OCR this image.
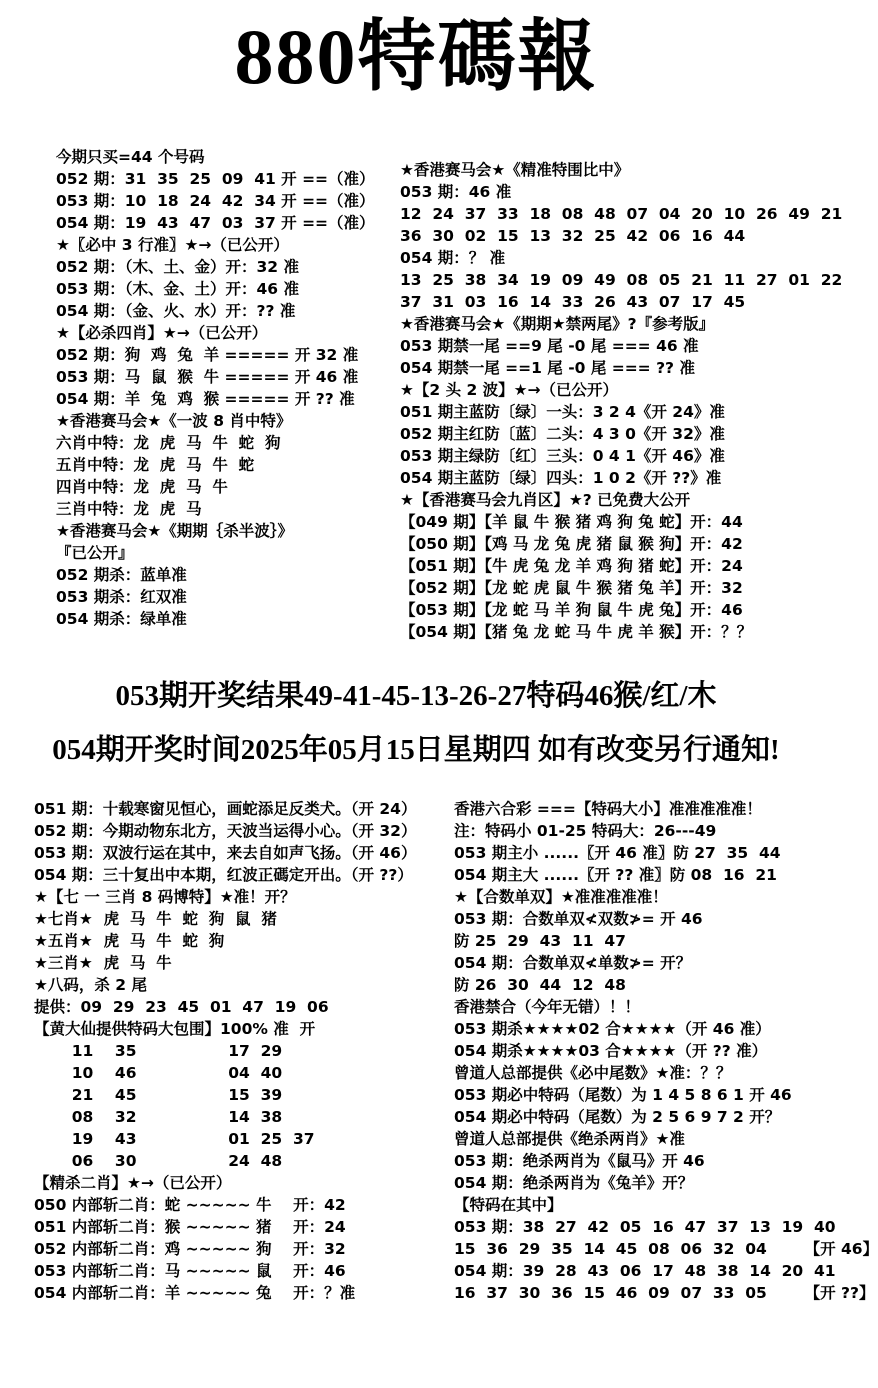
880特碼報
今期只买=44 个号码
052 期：31  35  25  09  41 开 ==（准）
053 期：10  18  24  42  34 开 ==（准）
054 期：19  43  47  03  37 开 ==（准）
★〖必中 3 行准〗★→（已公开）
052 期：（木、土、金）开：32 准
053 期：（木、金、土）开：46 准
054 期：（金、火、水）开：?? 准
★【必杀四肖】★→（已公开）
052 期：狗  鸡  兔  羊 ===== 开 32 准
053 期：马  鼠  猴  牛 ===== 开 46 准
054 期：羊  兔  鸡  猴 ===== 开 ?? 准
★香港赛马会★《一波 8 肖中特》
六肖中特：龙  虎  马  牛  蛇  狗
五肖中特：龙  虎  马  牛  蛇
四肖中特：龙  虎  马  牛
三肖中特：龙  虎  马
★香港赛马会★《期期｛杀半波｝》
『已公开』
052 期杀：蓝单准
053 期杀：红双准
054 期杀：绿单准
★香港赛马会★《精准特围比中》
053 期：46 准
12  24  37  33  18  08  48  07  04  20  10  26  49  21
36  30  02  15  13  32  25  42  06  16  44
054 期：？ 准
13  25  38  34  19  09  49  08  05  21  11  27  01  22
37  31  03  16  14  33  26  43  07  17  45
★香港赛马会★《期期★禁两尾》?『参考版』
053 期禁一尾 ==9 尾 -0 尾 === 46 准
054 期禁一尾 ==1 尾 -0 尾 === ?? 准
★【2 头 2 波】★→（已公开）
051 期主蓝防〔绿〕一头：3 2 4《开 24》准
052 期主红防〔蓝〕二头：4 3 0《开 32》准
053 期主绿防〔红〕三头：0 4 1《开 46》准
054 期主蓝防〔绿〕四头：1 0 2《开 ??》准
★【香港赛马会九肖区】★? 已免费大公开
【049 期】【羊 鼠 牛 猴 猪 鸡 狗 兔 蛇】开：44
【050 期】【鸡 马 龙 兔 虎 猪 鼠 猴 狗】开：42
【051 期】【牛 虎 兔 龙 羊 鸡 狗 猪 蛇】开：24
【052 期】【龙 蛇 虎 鼠 牛 猴 猪 兔 羊】开：32
【053 期】【龙 蛇 马 羊 狗 鼠 牛 虎 兔】开：46
【054 期】【猪 兔 龙 蛇 马 牛 虎 羊 猴】开：？？
053期开奖结果49-41-45-13-26-27特码46猴/红/木
054期开奖时间2025年05月15日星期四 如有改变另行通知!
051 期：十载寒窗见恒心，画蛇添足反类犬。（开 24）
052 期：今期动物东北方，天波当运得小心。（开 32）
053 期：双波行运在其中，来去自如声飞扬。（开 46）
054 期：三十复出中本期，红波正碼定开出。（开 ??）
★【七 一 三肖 8 码博特】★准！开？
★七肖★  虎  马  牛  蛇  狗  鼠  猪
★五肖★  虎  马  牛  蛇  狗
★三肖★  虎  马  牛
★八码，杀 2 尾
提供：09  29  23  45  01  47  19  06
【黄大仙提供特码大包围】100% 准  开
11    35                 17  29
10    46                 04  40
21    45                 15  39
08    32                 14  38
19    43                 01  25  37
06    30                 24  48
【精杀二肖】★→（已公开）
050 内部斩二肖：蛇 ~~~~~ 牛    开：42
051 内部斩二肖：猴 ~~~~~ 猪    开：24
052 内部斩二肖：鸡 ~~~~~ 狗    开：32
053 内部斩二肖：马 ~~~~~ 鼠    开：46
054 内部斩二肖：羊 ~~~~~ 兔    开：？准
香港六合彩 ===【特码大小】准准准准准！
注：特码小 01-25 特码大：26---49
053 期主小 ......〖开 46 准〗防 27  35  44
054 期主大 ......〖开 ?? 准〗防 08  16  21
★【合数单双】★准准准准准！
053 期：合数单双≮双数≯= 开 46
防 25  29  43  11  47
054 期：合数单双≮单数≯= 开？
防 26  30  44  12  48
香港禁合（今年无错）！！
053 期杀★★★★02 合★★★★（开 46 准）
054 期杀★★★★03 合★★★★（开 ?? 准）
曾道人总部提供《必中尾数》★准：？？
053 期必中特码（尾数）为 1 4 5 8 6 1 开 46
054 期必中特码（尾数）为 2 5 6 9 7 2 开？
曾道人总部提供《绝杀两肖》★准
053 期：绝杀两肖为《鼠马》开 46
054 期：绝杀两肖为《兔羊》开？
【特码在其中】
053 期：38  27  42  05  16  47  37  13  19  40
15  36  29  35  14  45  08  06  32  04       【开 46】
054 期：39  28  43  06  17  48  38  14  20  41
16  37  30  36  15  46  09  07  33  05       【开 ??】
